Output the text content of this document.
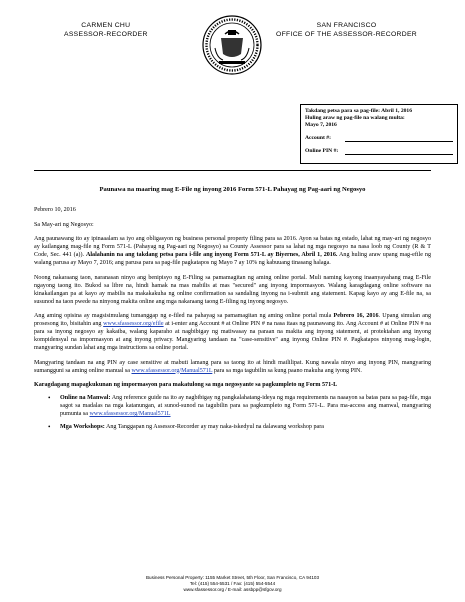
CARMEN CHU
ASSESSOR-RECORDER
SAN FRANCISCO
OFFICE OF THE ASSESSOR-RECORDER
Takdang petsa para sa pag-file: Abril 1, 2016
Huling araw ng pag-file na walang multa:
Mayo 7, 2016
Account #:
Online PIN #:
Paunawa na maaring mag E-File ng inyong 2016 Form 571-L Pahayag ng Pag-aari ng Negosyo

Pebrero 10, 2016

Sa May-ari ng Negosyo:

Ang paunawang ito ay ipinaaalam sa iyo ang obligasyon ng business personal property filing para sa 2016. Ayon sa batas ng estado, lahat ng may-ari ng negosyo ay kailangang mag-file ng Form 571-L (Pahayag ng Pag-aari ng Negosyo) sa County Assessor para sa lahat ng mga negosyo na nasa loob ng County (R & T Code, Sec. 441 (a)). Alalahanin na ang takdang petsa para i-file ang inyong Form 571-L ay Biyernes, Abril 1, 2016. Ang huling araw upang mag-efile ng walang parusa ay Mayo 7, 2016; ang parusa para sa pag-file pagkatapos ng Mayo 7 ay 10% ng kabuuang tinasang halaga.

Noong nakaraang taon, naranasan ninyo ang benipisyo ng E-Filing sa pamamagitan ng aming online portal. Muli naming kayong inaanyayahang mag E-File ngayong taong ito. Bukod sa libre na, hindi hamak na mas mabilis at mas "secured" ang inyong impormasyon. Walang karagdagang online software na kinakailangan pa at kayo ay mabilis na makakakuha ng online confirmation sa sandaling inyong na i-submit ang statement. Kapag kayo ay ang E-file na, sa susunod na taon pwede na ninyong makita online ang mga nakaraang taong E-filing ng inyong negosyo.

Ang aming opisina ay magsisimulang tumanggap ng e-filed na pahayag sa pamamagitan ng aming online portal mula Pebrero 16, 2016. Upang simulan ang prosesong ito, bisitahin ang www.sfassessor.org/efile at i-enter ang Account # at Online PIN # na nasa itaas ng paunawang ito. Ang Account # at Online PIN # na para sa inyong negosyo ay kakaiba, walang kaparaho at nagbibigay ng matiwasay na paraan na makita ang inyong statement, at protektahan ang inyong kompidensyal na impormasyon at ang inyong privacy. Mangyaring tandaan na "case-sensitive" ang inyong Online PIN #. Pagkatapos ninyong mag-login, mangyaring sundan lahat ang mga instructions sa online portal.

Mangyaring tandaan na ang PIN ay case sensitive at mabuti lamang para sa taong ito at hindi maililipat. Kung nawala ninyo ang inyong PIN, mangyaring sumangguni sa aming online manual sa www.sfassessor.org/Manual571L para sa mga tagubilin sa kung paano makuha ang iyong PIN.

Karagdagang mapagkukunan ng impormasyon para makatulong sa mga negosyante sa pagkumpleto ng Form 571-L
•	Online na Manwal: Ang reference guide na ito ay nagbibigay ng pangkalahatang-ideya ng mga requirements na naaayon sa batas para sa pag-file, mga sagot sa madalas na mga katanungan, at sunod-sunod na tagubilin para sa pagkumpleto ng Form 571-L. Para ma-access ang manwal, mangyaring pumunta sa www.sfassessor.org/Manual571L
•	Mga Workshops: Ang Tanggapan ng Assessor-Recorder ay may naka-iskedyul na dalawang workshop para
Business Personal Property: 1155 Market Street, 5th Floor, San Francisco, CA 94103
Tel: (415) 554-5531 / Fax: (415) 554-5544
www.sfassessor.org / E-mail: assbpp@sfgov.org
